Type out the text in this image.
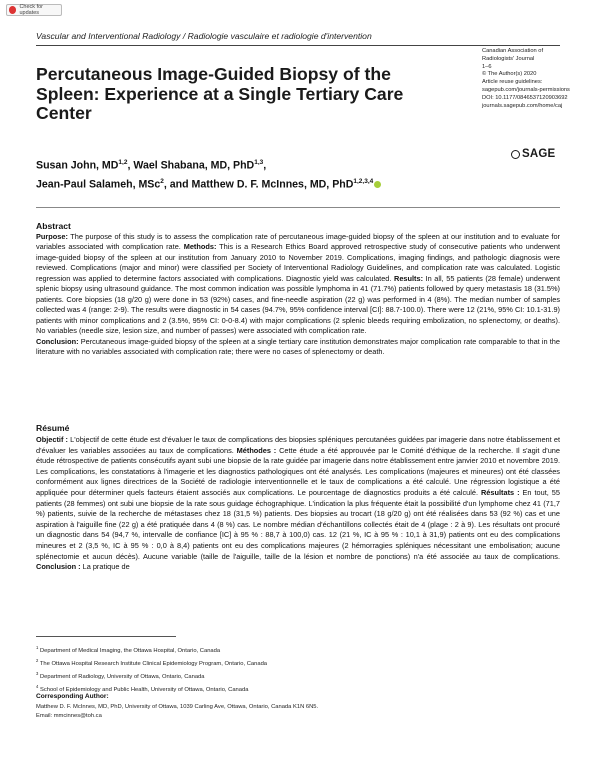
Check for updates
Vascular and Interventional Radiology / Radiologie vasculaire et radiologie d'intervention
Percutaneous Image-Guided Biopsy of the Spleen: Experience at a Single Tertiary Care Center
Canadian Association of
Radiologists' Journal
1–6
© The Author(s) 2020
Article reuse guidelines:
sagepub.com/journals-permissions
DOI: 10.1177/0846537120903692
journals.sagepub.com/home/caj
SAGE
Susan John, MD$^{1,2}$, Wael Shabana, MD, PhD$^{1,3}$,
Jean-Paul Salameh, MSc$^2$, and Matthew D. F. McInnes, MD, PhD$^{1,2,3,4}$
Abstract

Purpose: The purpose of this study is to assess the complication rate of percutaneous image-guided biopsy of the spleen at our institution and to evaluate for variables associated with complication rate. Methods: This is a Research Ethics Board approved retrospective study of consecutive patients who underwent image-guided biopsy of the spleen at our institution from January 2010 to November 2019. Complications, imaging findings, and pathologic diagnosis were reviewed. Complications (major and minor) were classified per Society of Interventional Radiology Guidelines, and complication rate was calculated. Logistic regression was applied to determine factors associated with complications. Diagnostic yield was calculated. Results: In all, 55 patients (28 female) underwent splenic biopsy using ultrasound guidance. The most common indication was possible lymphoma in 41 (71.7%) patients followed by query metastasis 18 (31.5%) patients. Core biopsies (18 g/20 g) were done in 53 (92%) cases, and fine-needle aspiration (22 g) was performed in 4 (8%). The median number of samples collected was 4 (range: 2-9). The results were diagnostic in 54 cases (94.7%, 95% confidence interval [CI]: 88.7-100.0). There were 12 (21%, 95% CI: 10.1-31.9) patients with minor complications and 2 (3.5%, 95% CI: 0-0-8.4) with major complications (2 splenic bleeds requiring embolization, no splenectomy, or deaths). No variables (needle size, lesion size, and number of passes) were associated with complication rate.
Conclusion: Percutaneous image-guided biopsy of the spleen at a single tertiary care institution demonstrates major complication rate comparable to that in the literature with no variables associated with complication rate; there were no cases of splenectomy or death.

Résumé

Objectif : L'objectif de cette étude est d'évaluer le taux de complications des biopsies spléniques percutanées guidées par imagerie dans notre établissement et d'évaluer les variables associées au taux de complications. Méthodes : Cette étude a été approuvée par le Comité d'éthique de la recherche. Il s'agit d'une étude rétrospective de patients consécutifs ayant subi une biopsie de la rate guidée par imagerie dans notre établissement entre janvier 2010 et novembre 2019. Les complications, les constatations à l'imagerie et les diagnostics pathologiques ont été analysés. Les complications (majeures et mineures) ont été classées conformément aux lignes directrices de la Société de radiologie interventionnelle et le taux de complications a été calculé. Une régression logistique a été appliquée pour déterminer quels facteurs étaient associés aux complications. Le pourcentage de diagnostics produits a été calculé. Résultats : En tout, 55 patients (28 femmes) ont subi une biopsie de la rate sous guidage échographique. L'indication la plus fréquente était la possibilité d'un lymphome chez 41 (71,7 %) patients, suivie de la recherche de métastases chez 18 (31,5 %) patients. Des biopsies au trocart (18 g/20 g) ont été réalisées dans 53 (92 %) cas et une aspiration à l'aiguille fine (22 g) a été pratiquée dans 4 (8 %) cas. Le nombre médian d'échantillons collectés était de 4 (plage : 2 à 9). Les résultats ont procuré un diagnostic dans 54 (94,7 %, intervalle de confiance [IC] à 95 % : 88,7 à 100,0) cas. 12 (21 %, IC à 95 % : 10,1 à 31,9) patients ont eu des complications mineures et 2 (3,5 %, IC à 95 % : 0,0 à 8,4) patients ont eu des complications majeures (2 hémorragies spléniques nécessitant une embolisation; aucune splénectomie et aucun décès). Aucune variable (taille de l'aiguille, taille de la lésion et nombre de ponctions) n'a été associée au taux de complications. Conclusion : La pratique de

$^1$ Department of Medical Imaging, the Ottawa Hospital, Ontario, Canada
$^2$ The Ottawa Hospital Research Institute Clinical Epidemiology Program, Ontario, Canada
$^3$ Department of Radiology, University of Ottawa, Ontario, Canada
$^4$ School of Epidemiology and Public Health, University of Ottawa, Ontario, Canada
Corresponding Author:
Matthew D. F. McInnes, MD, PhD, University of Ottawa, 1039 Carling Ave, Ottawa, Ontario, Canada K1N 6N5.
Email: mmcinnes@toh.ca
